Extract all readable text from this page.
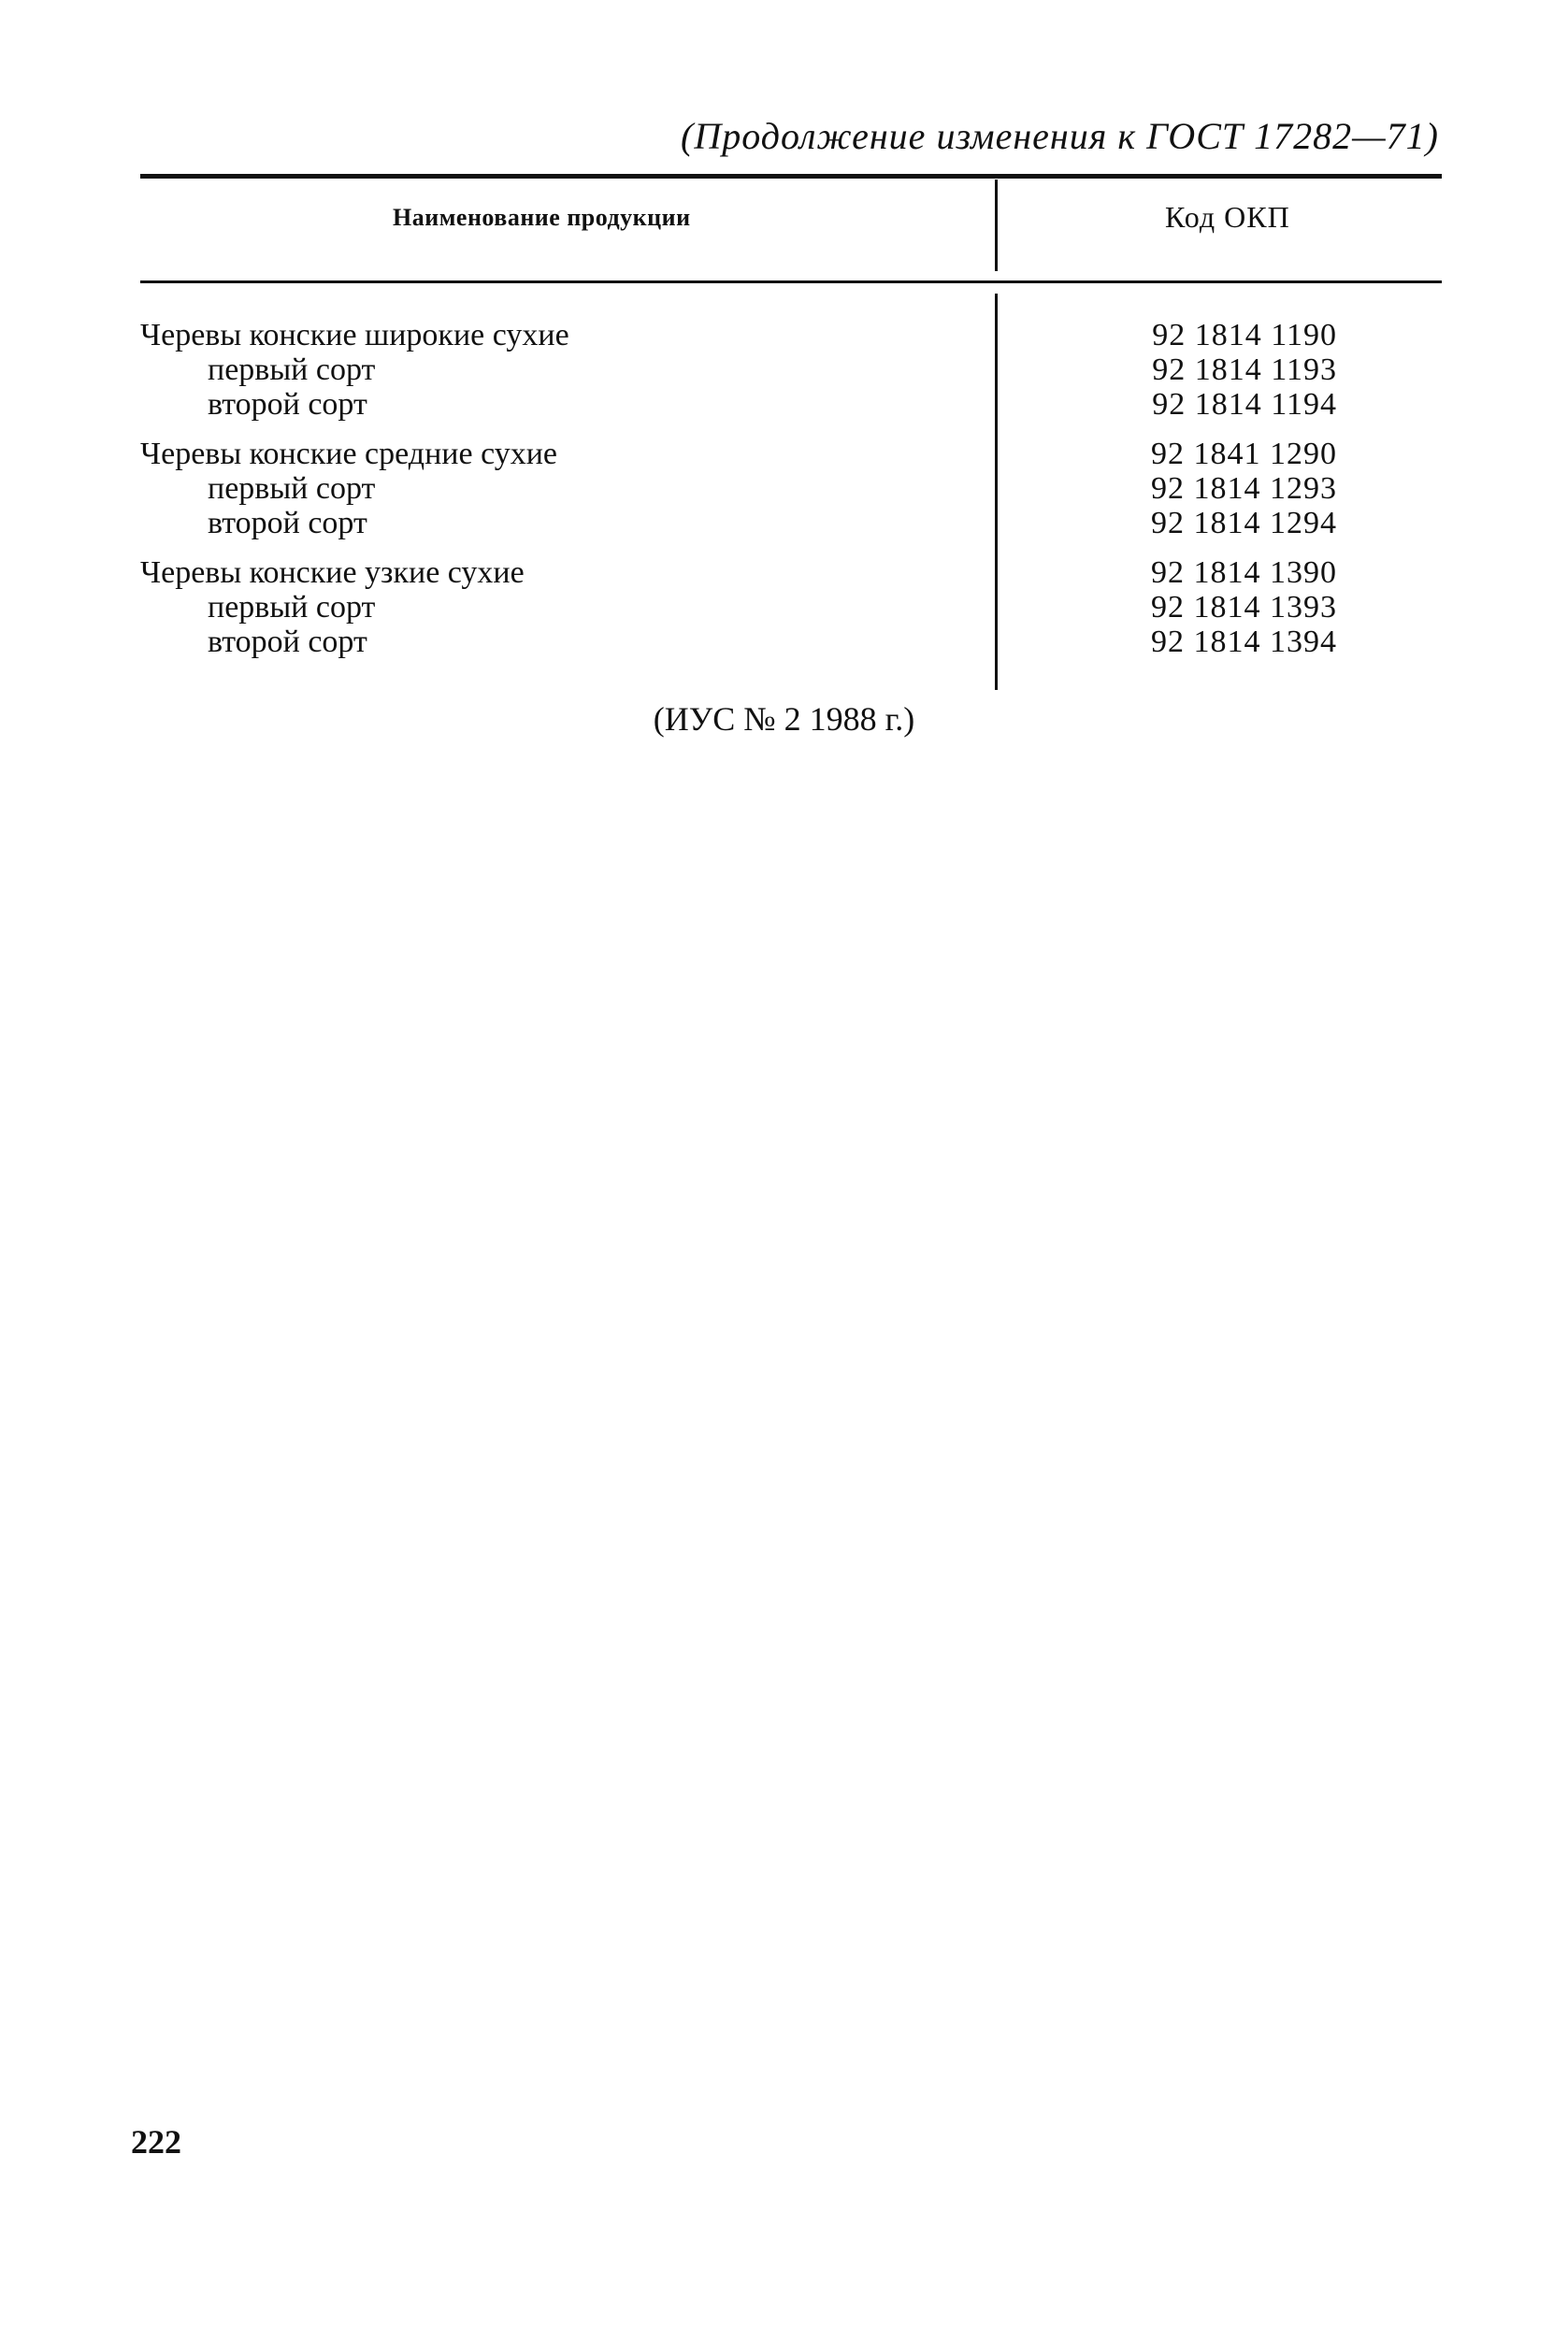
(Продолжение изменения к ГОСТ 17282—71)
Наименование продукции	Код ОКП
Черевы конские широкие сухие	92 1814 1190
первый сорт	92 1814 1193
второй сорт	92 1814 1194
Черевы конские средние сухие	92 1841 1290
первый сорт	92 1814 1293
второй сорт	92 1814 1294
Черевы конские узкие сухие	92 1814 1390
первый сорт	92 1814 1393
второй сорт	92 1814 1394
(ИУС № 2 1988 г.)
222
